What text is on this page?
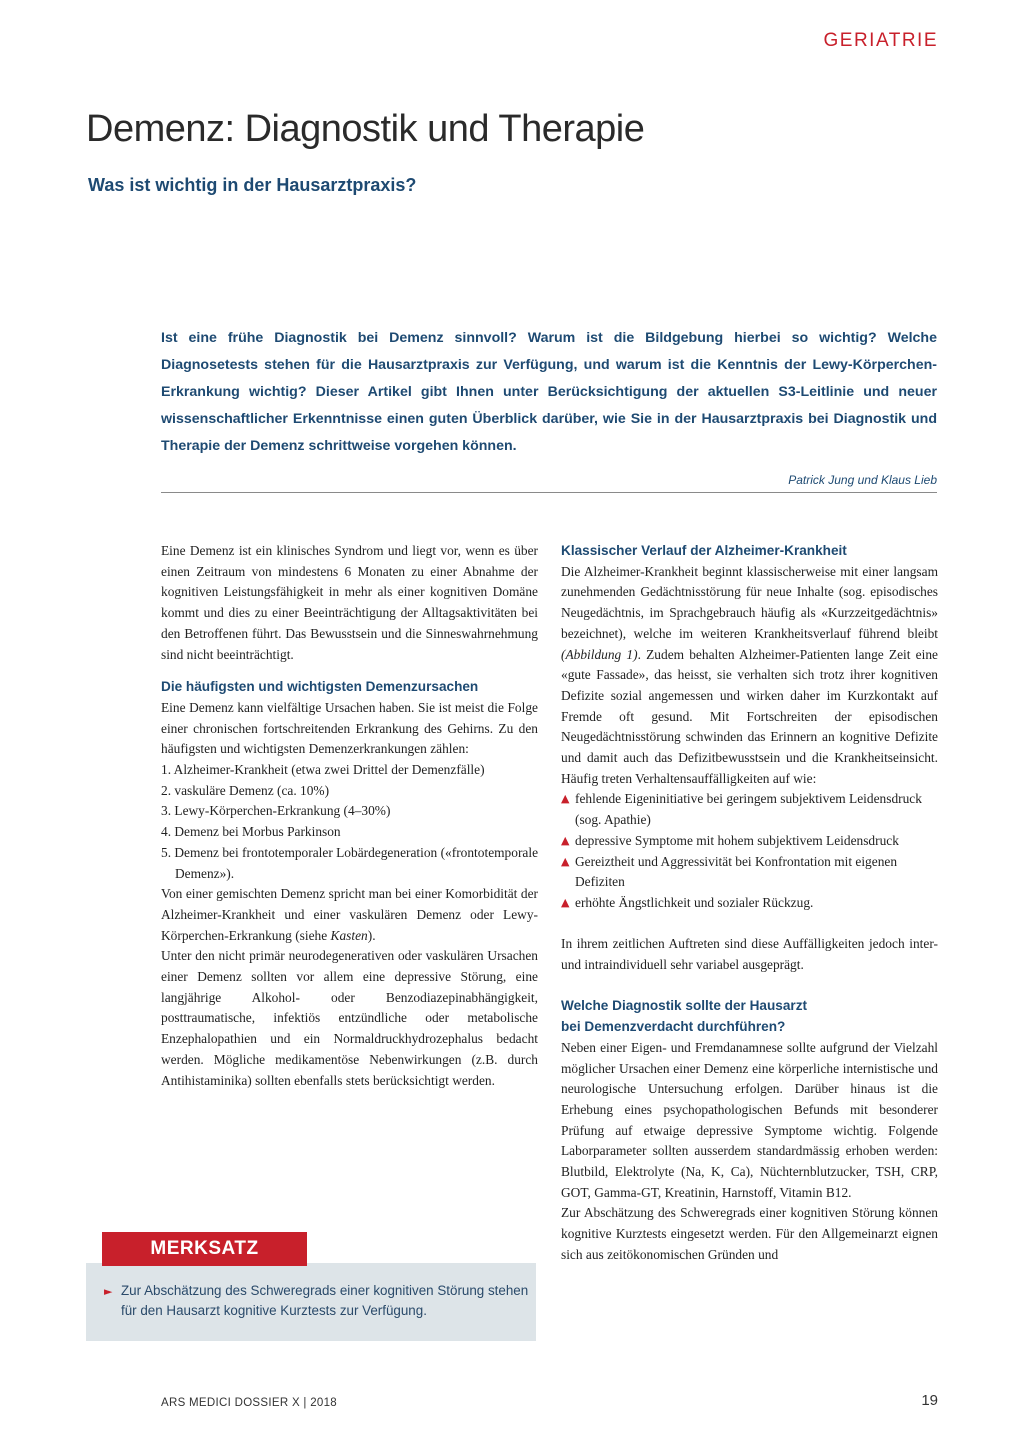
GERIATRIE
Demenz: Diagnostik und Therapie
Was ist wichtig in der Hausarztpraxis?

Ist eine frühe Diagnostik bei Demenz sinnvoll? Warum ist die Bildgebung hierbei so wichtig? Welche Diagnosetests stehen für die Hausarztpraxis zur Verfügung, und warum ist die Kenntnis der Lewy-Körperchen-Erkrankung wichtig? Dieser Artikel gibt Ihnen unter Berücksichtigung der aktuellen S3-Leitlinie und neuer wissenschaftlicher Erkenntnisse einen guten Überblick darüber, wie Sie in der Hausarztpraxis bei Diagnostik und Therapie der Demenz schrittweise vorgehen können.

Patrick Jung und Klaus Lieb

Eine Demenz ist ein klinisches Syndrom und liegt vor, wenn es über einen Zeitraum von mindestens 6 Monaten zu einer Abnahme der kognitiven Leistungsfähigkeit in mehr als einer kognitiven Domäne kommt und dies zu einer Beeinträchtigung der Alltagsaktivitäten bei den Betroffenen führt. Das Bewusstsein und die Sinneswahrnehmung sind nicht beeinträchtigt.

Die häufigsten und wichtigsten Demenzursachen

Eine Demenz kann vielfältige Ursachen haben. Sie ist meist die Folge einer chronischen fortschreitenden Erkrankung des Gehirns. Zu den häufigsten und wichtigsten Demenzerkrankungen zählen:

1. Alzheimer-Krankheit (etwa zwei Drittel der Demenzfälle)
2. vaskuläre Demenz (ca. 10%)
3. Lewy-Körperchen-Erkrankung (4–30%)
4. Demenz bei Morbus Parkinson
5. Demenz bei frontotemporaler Lobärdegeneration («frontotemporale Demenz»).

Von einer gemischten Demenz spricht man bei einer Komorbidität der Alzheimer-Krankheit und einer vaskulären Demenz oder Lewy-Körperchen-Erkrankung (siehe Kasten).

Unter den nicht primär neurodegenerativen oder vaskulären Ursachen einer Demenz sollten vor allem eine depressive Störung, eine langjährige Alkohol- oder Benzodiazepinabhängigkeit, posttraumatische, infektiös entzündliche oder metabolische Enzephalopathien und ein Normaldruckhydrozephalus bedacht werden. Mögliche medikamentöse Nebenwirkungen (z.B. durch Antihistaminika) sollten ebenfalls stets berücksichtigt werden.

MERKSATZ
► Zur Abschätzung des Schweregrads einer kognitiven Störung stehen für den Hausarzt kognitive Kurztests zur Verfügung.
Klassischer Verlauf der Alzheimer-Krankheit

Die Alzheimer-Krankheit beginnt klassischerweise mit einer langsam zunehmenden Gedächtnisstörung für neue Inhalte (sog. episodisches Neugedächtnis, im Sprachgebrauch häufig als «Kurzzeitgedächtnis» bezeichnet), welche im weiteren Krankheitsverlauf führend bleibt (Abbildung 1). Zudem behalten Alzheimer-Patienten lange Zeit eine «gute Fassade», das heisst, sie verhalten sich trotz ihrer kognitiven Defizite sozial angemessen und wirken daher im Kurzkontakt auf Fremde oft gesund. Mit Fortschreiten der episodischen Neugedächtnisstörung schwinden das Erinnern an kognitive Defizite und damit auch das Defizitbewusstsein und die Krankheitseinsicht. Häufig treten Verhaltensauffälligkeiten auf wie:

▲ fehlende Eigeninitiative bei geringem subjektivem Leidensdruck (sog. Apathie)
▲ depressive Symptome mit hohem subjektivem Leidensdruck
▲ Gereiztheit und Aggressivität bei Konfrontation mit eigenen Defiziten
▲ erhöhte Ängstlichkeit und sozialer Rückzug.

In ihrem zeitlichen Auftreten sind diese Auffälligkeiten jedoch inter- und intraindividuell sehr variabel ausgeprägt.

Welche Diagnostik sollte der Hausarzt
bei Demenzverdacht durchführen?

Neben einer Eigen- und Fremdanamnese sollte aufgrund der Vielzahl möglicher Ursachen einer Demenz eine körperliche internistische und neurologische Untersuchung erfolgen. Darüber hinaus ist die Erhebung eines psychopathologischen Befunds mit besonderer Prüfung auf etwaige depressive Symptome wichtig. Folgende Laborparameter sollten ausserdem standardmässig erhoben werden: Blutbild, Elektrolyte (Na, K, Ca), Nüchternblutzucker, TSH, CRP, GOT, Gamma-GT, Kreatinin, Harnstoff, Vitamin B12.

Zur Abschätzung des Schweregrads einer kognitiven Störung können kognitive Kurztests eingesetzt werden. Für den Allgemeinarzt eignen sich aus zeitökonomischen Gründen und

ARS MEDICI DOSSIER X | 2018	19
